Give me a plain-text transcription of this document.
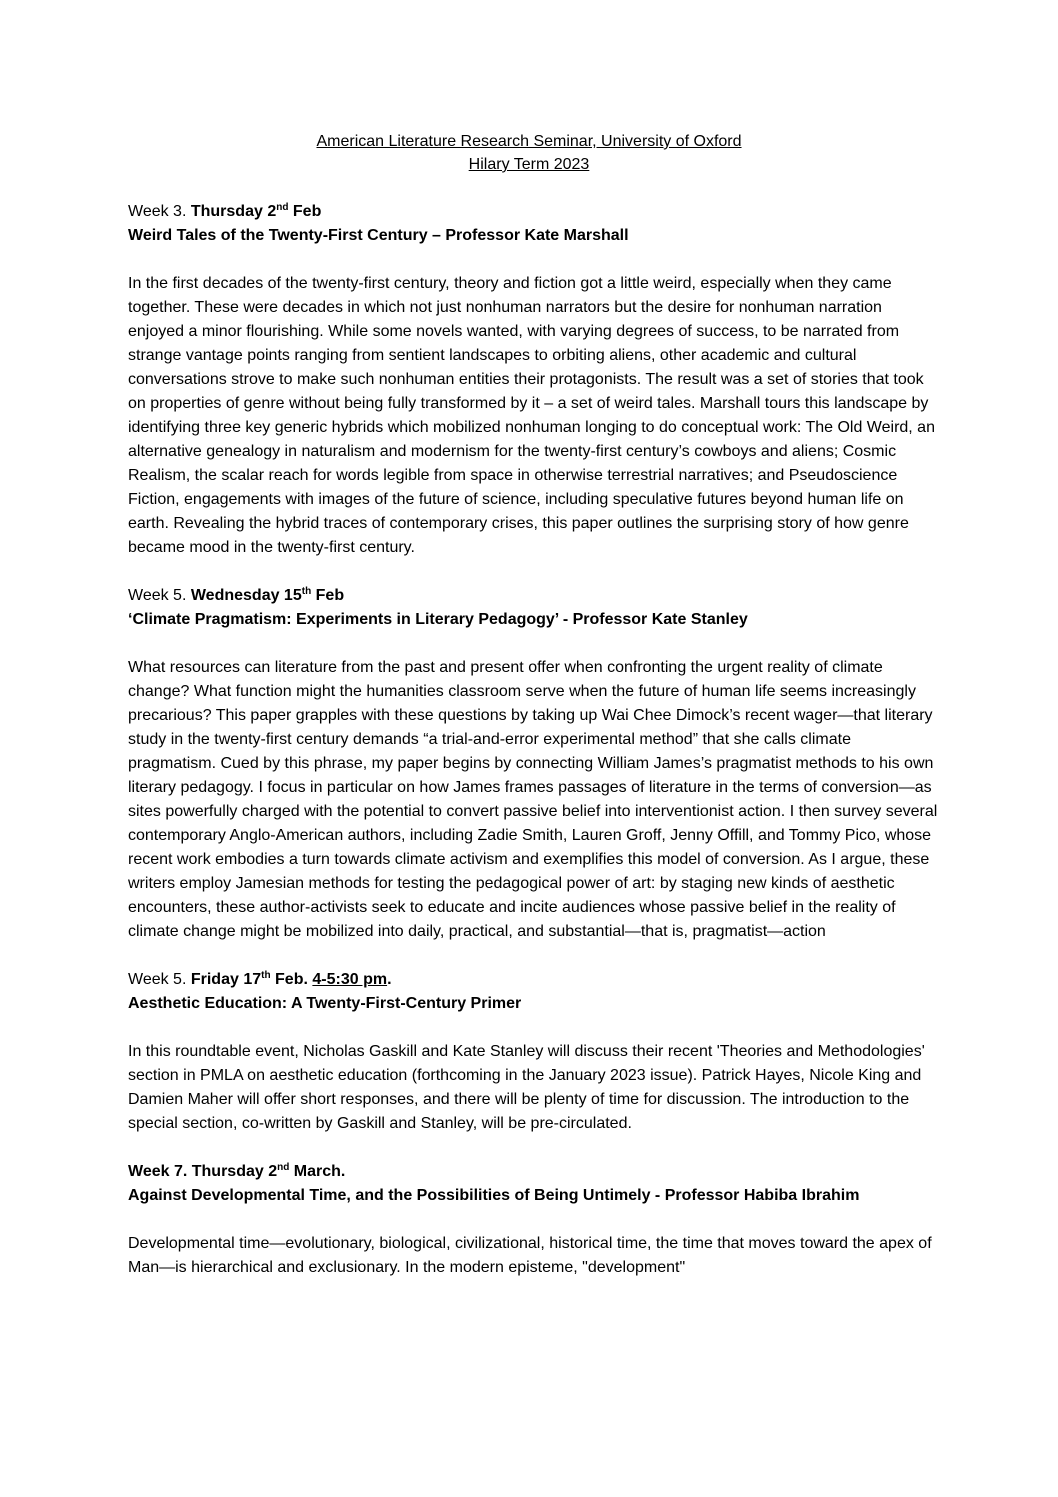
American Literature Research Seminar, University of Oxford
Hilary Term 2023

Week 3. Thursday 2nd Feb

Weird Tales of the Twenty-First Century – Professor Kate Marshall

In the first decades of the twenty-first century, theory and fiction got a little weird, especially when they came together. These were decades in which not just nonhuman narrators but the desire for nonhuman narration enjoyed a minor flourishing. While some novels wanted, with varying degrees of success, to be narrated from strange vantage points ranging from sentient landscapes to orbiting aliens, other academic and cultural conversations strove to make such nonhuman entities their protagonists. The result was a set of stories that took on properties of genre without being fully transformed by it – a set of weird tales. Marshall tours this landscape by identifying three key generic hybrids which mobilized nonhuman longing to do conceptual work: The Old Weird, an alternative genealogy in naturalism and modernism for the twenty-first century’s cowboys and aliens; Cosmic Realism, the scalar reach for words legible from space in otherwise terrestrial narratives; and Pseudoscience Fiction, engagements with images of the future of science, including speculative futures beyond human life on earth. Revealing the hybrid traces of contemporary crises, this paper outlines the surprising story of how genre became mood in the twenty-first century.

Week 5. Wednesday 15th Feb

‘Climate Pragmatism: Experiments in Literary Pedagogy’ - Professor Kate Stanley

What resources can literature from the past and present offer when confronting the urgent reality of climate change? What function might the humanities classroom serve when the future of human life seems increasingly precarious? This paper grapples with these questions by taking up Wai Chee Dimock’s recent wager—that literary study in the twenty-first century demands “a trial-and-error experimental method” that she calls climate pragmatism. Cued by this phrase, my paper begins by connecting William James’s pragmatist methods to his own literary pedagogy. I focus in particular on how James frames passages of literature in the terms of conversion—as sites powerfully charged with the potential to convert passive belief into interventionist action. I then survey several contemporary Anglo-American authors, including Zadie Smith, Lauren Groff, Jenny Offill, and Tommy Pico, whose recent work embodies a turn towards climate activism and exemplifies this model of conversion. As I argue, these writers employ Jamesian methods for testing the pedagogical power of art: by staging new kinds of aesthetic encounters, these author-activists seek to educate and incite audiences whose passive belief in the reality of climate change might be mobilized into daily, practical, and substantial—that is, pragmatist—action

Week 5. Friday 17th Feb. 4-5:30 pm.

Aesthetic Education: A Twenty-First-Century Primer

In this roundtable event, Nicholas Gaskill and Kate Stanley will discuss their recent 'Theories and Methodologies' section in PMLA on aesthetic education (forthcoming in the January 2023 issue). Patrick Hayes, Nicole King and Damien Maher will offer short responses, and there will be plenty of time for discussion. The introduction to the special section, co-written by Gaskill and Stanley, will be pre-circulated.

Week 7. Thursday 2nd March.

Against Developmental Time, and the Possibilities of Being Untimely - Professor Habiba Ibrahim

Developmental time—evolutionary, biological, civilizational, historical time, the time that moves toward the apex of Man—is hierarchical and exclusionary. In the modern episteme, "development"
